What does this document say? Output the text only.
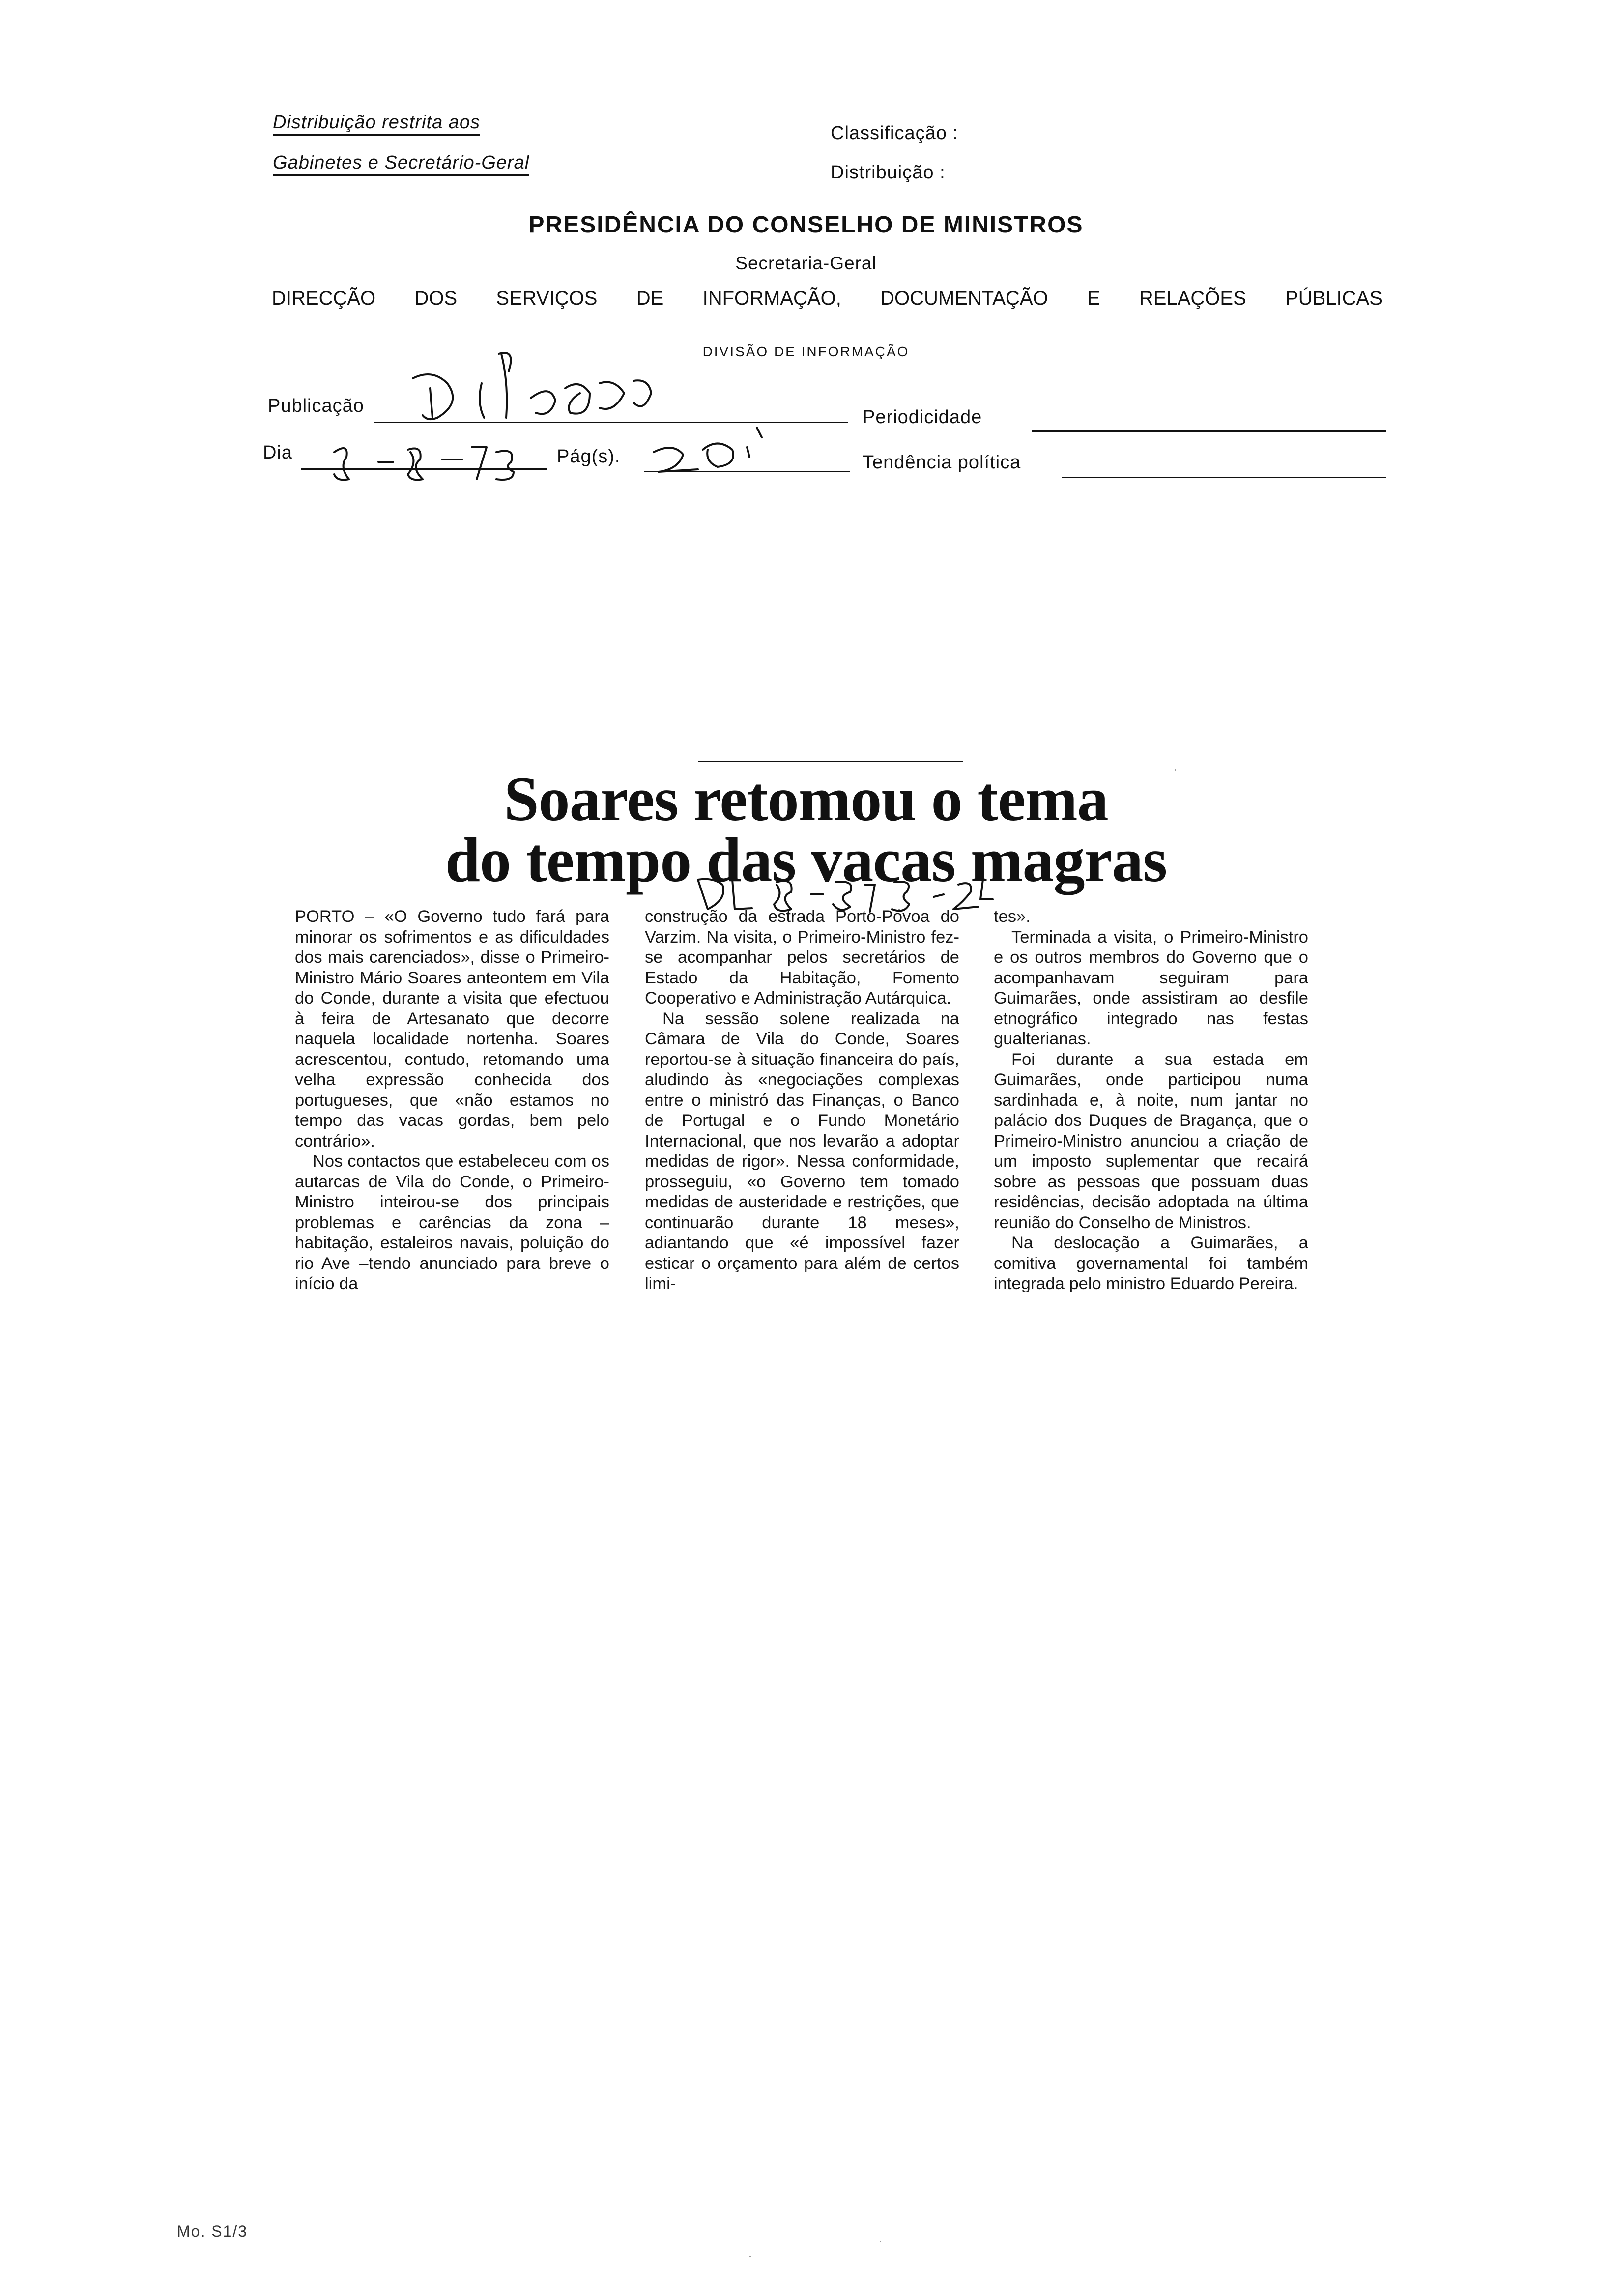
Distribuição restrita aos
Gabinetes e Secretário-Geral
Classificação :
Distribuição :
PRESIDÊNCIA DO CONSELHO DE MINISTROS
Secretaria-Geral
DIRECÇÃO DOS SERVIÇOS DE INFORMAÇÃO, DOCUMENTAÇÃO E RELAÇÕES PÚBLICAS
DIVISÃO DE INFORMAÇÃO
Publicação
Dia	Pág(s).
Periodicidade
Tendência política
Soares retomou o tema
do tempo das vacas magras

PORTO – «O Governo tudo fará para minorar os sofrimentos e as dificuldades dos mais carenciados», disse o Primeiro-Ministro Mário Soares anteontem em Vila do Conde, durante a visita que efectuou à feira de Artesanato que decorre naquela localidade nortenha. Soares acrescentou, contudo, retomando uma velha expressão conhecida dos portugueses, que «não estamos no tempo das vacas gordas, bem pelo contrário».

Nos contactos que estabeleceu com os autarcas de Vila do Conde, o Primeiro-Ministro inteirou-se dos principais problemas e carências da zona – habitação, estaleiros navais, poluição do rio Ave –tendo anunciado para breve o início da

construção da estrada Porto-Póvoa do Varzim. Na visita, o Primeiro-Ministro fez-se acompanhar pelos secretários de Estado da Habitação, Fomento Cooperativo e Administração Autárquica.

Na sessão solene realizada na Câmara de Vila do Conde, Soares reportou-se à situação financeira do país, aludindo às «negociações complexas entre o ministró das Finanças, o Banco de Portugal e o Fundo Monetário Internacional, que nos levarão a adoptar medidas de rigor». Nessa conformidade, prosseguiu, «o Governo tem tomado medidas de austeridade e restrições, que continuarão durante 18 meses», adiantando que «é impossível fazer esticar o orçamento para além de certos limi-

tes».

Terminada a visita, o Primeiro-Ministro e os outros membros do Governo que o acompanhavam seguiram para Guimarães, onde assistiram ao desfile etnográfico integrado nas festas gualterianas.

Foi durante a sua estada em Guimarães, onde participou numa sardinhada e, à noite, num jantar no palácio dos Duques de Bragança, que o Primeiro-Ministro anunciou a criação de um imposto suplementar que recairá sobre as pessoas que possuam duas residências, decisão adoptada na última reunião do Conselho de Ministros.

Na deslocação a Guimarães, a comitiva governamental foi também integrada pelo ministro Eduardo Pereira.

Mo. S1/3
